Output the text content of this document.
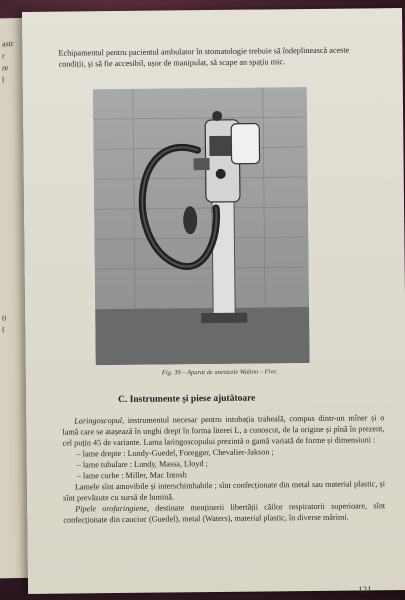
astr
r
re
l
ti
l
Echipamentul pentru pacientul ambulator în stomatologie trebuie să îndeplinească aceste condiții, și să fie accesibil, ușor de manipulat, să scape an spațiu mic.
Fig. 39 – Aparat de anestezie Walton – Five.
C. Instrumente și piese ajutătoare

Laringoscopul, instrumentul necesar pentru intubația traheală, compus dintr-un mîner și o lamă care se atașează în unghi drept în forma literei L, a cunoscut, de la origine și pînă în prezent, cel puțin 45 de variante. Lama laringoscopului prezintă o gamă variată de forme și dimensiuni :

– lame drepte : Lundy-Guedel, Foregger, Chevalier-Jakson ;

– lame tubulare : Lundy, Massa, Lloyd ;

– lame curbe : Miller, Mac Intosh

Lamele sînt amovibile și interschimbabile ; sînt confecționate din metal sau material plastic, și sînt prevăzute cu sursă de lumină.

Pipele orofaringiene, destinate menținerii libertății căilor respiratorii superioare, sînt confecționate din cauciuc (Guedel), metal (Waters), material plastic, în diverse mărimi.

121
